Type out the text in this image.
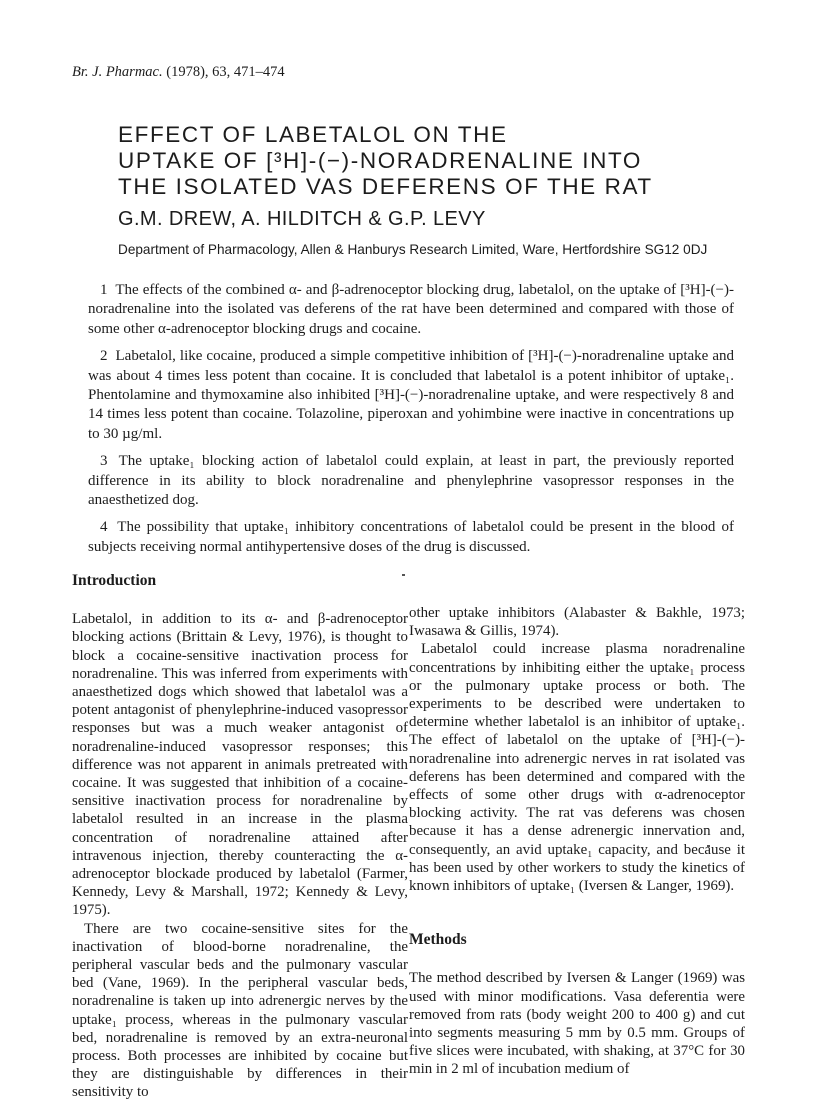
Br. J. Pharmac. (1978), 63, 471–474
EFFECT OF LABETALOL ON THE
UPTAKE OF [³H]-(−)-NORADRENALINE INTO
THE ISOLATED VAS DEFERENS OF THE RAT
G.M. DREW, A. HILDITCH & G.P. LEVY
Department of Pharmacology, Allen & Hanburys Research Limited, Ware, Hertfordshire SG12 0DJ

1 The effects of the combined α- and β-adrenoceptor blocking drug, labetalol, on the uptake of [³H]-(−)-noradrenaline into the isolated vas deferens of the rat have been determined and compared with those of some other α-adrenoceptor blocking drugs and cocaine.

2 Labetalol, like cocaine, produced a simple competitive inhibition of [³H]-(−)-noradrenaline uptake and was about 4 times less potent than cocaine. It is concluded that labetalol is a potent inhibitor of uptake₁. Phentolamine and thymoxamine also inhibited [³H]-(−)-noradrenaline uptake, and were respectively 8 and 14 times less potent than cocaine. Tolazoline, piperoxan and yohimbine were inactive in concentrations up to 30 µg/ml.

3 The uptake₁ blocking action of labetalol could explain, at least in part, the previously reported difference in its ability to block noradrenaline and phenylephrine vasopressor responses in the anaesthetized dog.

4 The possibility that uptake₁ inhibitory concentrations of labetalol could be present in the blood of subjects receiving normal antihypertensive doses of the drug is discussed.

Introduction

Labetalol, in addition to its α- and β-adrenoceptor blocking actions (Brittain & Levy, 1976), is thought to block a cocaine-sensitive inactivation process for noradrenaline. This was inferred from experiments with anaesthetized dogs which showed that labetalol was a potent antagonist of phenylephrine-induced vasopressor responses but was a much weaker antagonist of noradrenaline-induced vasopressor responses; this difference was not apparent in animals pretreated with cocaine. It was suggested that inhibition of a cocaine-sensitive inactivation process for noradrenaline by labetalol resulted in an increase in the plasma concentration of noradrenaline attained after intravenous injection, thereby counteracting the α-adrenoceptor blockade produced by labetalol (Farmer, Kennedy, Levy & Marshall, 1972; Kennedy & Levy, 1975).

There are two cocaine-sensitive sites for the inactivation of blood-borne noradrenaline, the peripheral vascular beds and the pulmonary vascular bed (Vane, 1969). In the peripheral vascular beds, noradrenaline is taken up into adrenergic nerves by the uptake₁ process, whereas in the pulmonary vascular bed, noradrenaline is removed by an extra-neuronal process. Both processes are inhibited by cocaine but they are distinguishable by differences in their sensitivity to

other uptake inhibitors (Alabaster & Bakhle, 1973; Iwasawa & Gillis, 1974).

Labetalol could increase plasma noradrenaline concentrations by inhibiting either the uptake₁ process or the pulmonary uptake process or both. The experiments to be described were undertaken to determine whether labetalol is an inhibitor of uptake₁. The effect of labetalol on the uptake of [³H]-(−)-noradrenaline into adrenergic nerves in rat isolated vas deferens has been determined and compared with the effects of some other drugs with α-adrenoceptor blocking activity. The rat vas deferens was chosen because it has a dense adrenergic innervation and, consequently, an avid uptake₁ capacity, and because it has been used by other workers to study the kinetics of known inhibitors of uptake₁ (Iversen & Langer, 1969).

Methods

The method described by Iversen & Langer (1969) was used with minor modifications. Vasa deferentia were removed from rats (body weight 200 to 400 g) and cut into segments measuring 5 mm by 0.5 mm. Groups of five slices were incubated, with shaking, at 37°C for 30 min in 2 ml of incubation medium of
